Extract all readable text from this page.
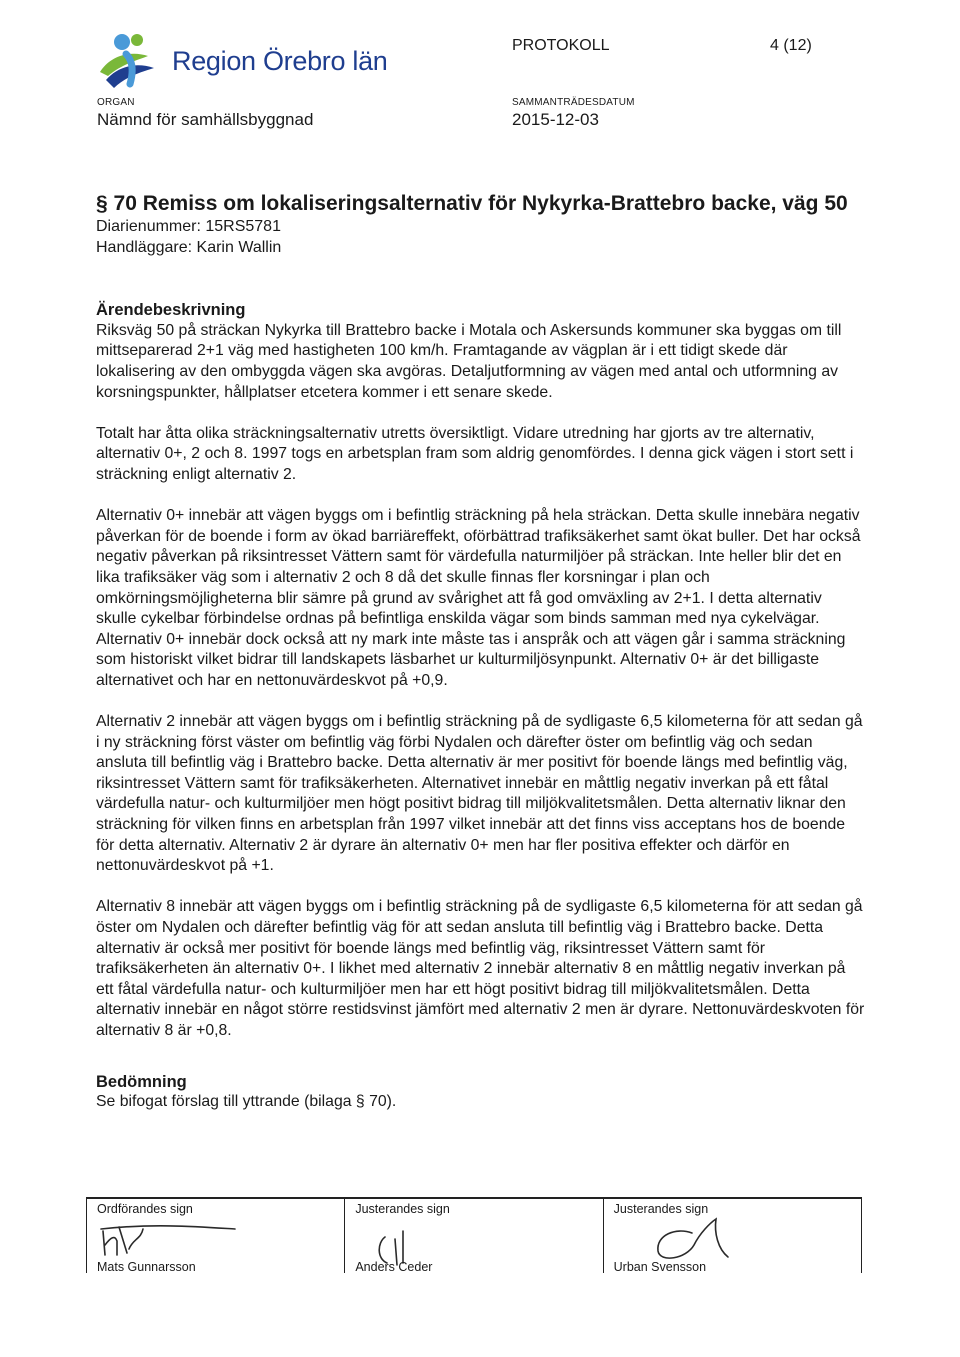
Region Örebro län
PROTOKOLL	4 (12)
ORGAN
Nämnd för samhällsbyggnad
SAMMANTRÄDESDATUM
2015-12-03
§ 70 Remiss om lokaliseringsalternativ för Nykyrka-Brattebro backe, väg 50
Diarienummer: 15RS5781
Handläggare: Karin Wallin
Ärendebeskrivning

Riksväg 50 på sträckan Nykyrka till Brattebro backe i Motala och Askersunds kommuner ska byggas om till mittseparerad 2+1 väg med hastigheten 100 km/h. Framtagande av vägplan är i ett tidigt skede där lokalisering av den ombyggda vägen ska avgöras. Detaljutformning av vägen med antal och utformning av korsningspunkter, hållplatser etcetera kommer i ett senare skede.

Totalt har åtta olika sträckningsalternativ utretts översiktligt. Vidare utredning har gjorts av tre alternativ, alternativ 0+, 2 och 8. 1997 togs en arbetsplan fram som aldrig genomfördes. I denna gick vägen i stort sett i sträckning enligt alternativ 2.

Alternativ 0+ innebär att vägen byggs om i befintlig sträckning på hela sträckan. Detta skulle innebära negativ påverkan för de boende i form av ökad barriäreffekt, oförbättrad trafiksäkerhet samt ökat buller. Det har också negativ påverkan på riksintresset Vättern samt för värdefulla naturmiljöer på sträckan. Inte heller blir det en lika trafiksäker väg som i alternativ 2 och 8 då det skulle finnas fler korsningar i plan och omkörningsmöjligheterna blir sämre på grund av svårighet att få god omväxling av 2+1. I detta alternativ skulle cykelbar förbindelse ordnas på befintliga enskilda vägar som binds samman med nya cykelvägar. Alternativ 0+ innebär dock också att ny mark inte måste tas i anspråk och att vägen går i samma sträckning som historiskt vilket bidrar till landskapets läsbarhet ur kulturmiljösynpunkt. Alternativ 0+ är det billigaste alternativet och har en nettonuvärdeskvot på +0,9.

Alternativ 2 innebär att vägen byggs om i befintlig sträckning på de sydligaste 6,5 kilometerna för att sedan gå i ny sträckning först väster om befintlig väg förbi Nydalen och därefter öster om befintlig väg och sedan ansluta till befintlig väg i Brattebro backe. Detta alternativ är mer positivt för boende längs med befintlig väg, riksintresset Vättern samt för trafiksäkerheten. Alternativet innebär en måttlig negativ inverkan på ett fåtal värdefulla natur- och kulturmiljöer men högt positivt bidrag till miljökvalitetsmålen. Detta alternativ liknar den sträckning för vilken finns en arbetsplan från 1997 vilket innebär att det finns viss acceptans hos de boende för detta alternativ. Alternativ 2 är dyrare än alternativ 0+ men har fler positiva effekter och därför en nettonuvärdeskvot på +1.

Alternativ 8 innebär att vägen byggs om i befintlig sträckning på de sydligaste 6,5 kilometerna för att sedan gå öster om Nydalen och därefter befintlig väg för att sedan ansluta till befintlig väg i Brattebro backe. Detta alternativ är också mer positivt för boende längs med befintlig väg, riksintresset Vättern samt för trafiksäkerheten än alternativ 0+. I likhet med alternativ 2 innebär alternativ 8 en måttlig negativ inverkan på ett fåtal värdefulla natur- och kulturmiljöer men har ett högt positivt bidrag till miljökvalitetsmålen. Detta alternativ innebär en något större restidsvinst jämfört med alternativ 2 men är dyrare. Nettonuvärdeskvoten för alternativ 8 är +0,8.

Bedömning

Se bifogat förslag till yttrande (bilaga § 70).

Ordförandes sign
Mats Gunnarsson
Justerandes sign
Anders Ceder
Justerandes sign
Urban Svensson
